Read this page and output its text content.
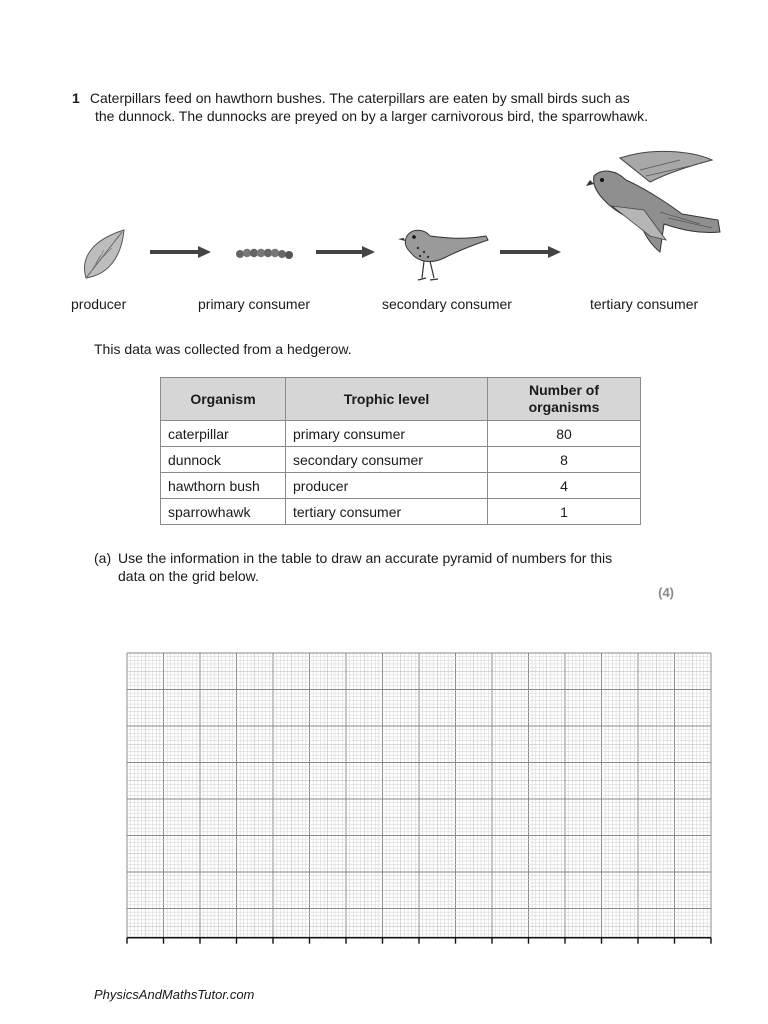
1 Caterpillars feed on hawthorn bushes. The caterpillars are eaten by small birds such as
the dunnock. The dunnocks are preyed on by a larger carnivorous bird, the sparrowhawk.
producer	primary consumer	secondary consumer	tertiary consumer
This data was collected from a hedgerow.
Organism	Trophic level	Number of organisms
caterpillar	primary consumer	80
dunnock	secondary consumer	8
hawthorn bush	producer	4
sparrowhawk	tertiary consumer	1
(a) Use the information in the table to draw an accurate pyramid of numbers for this
data on the grid below.
(4)
PhysicsAndMathsTutor.com
